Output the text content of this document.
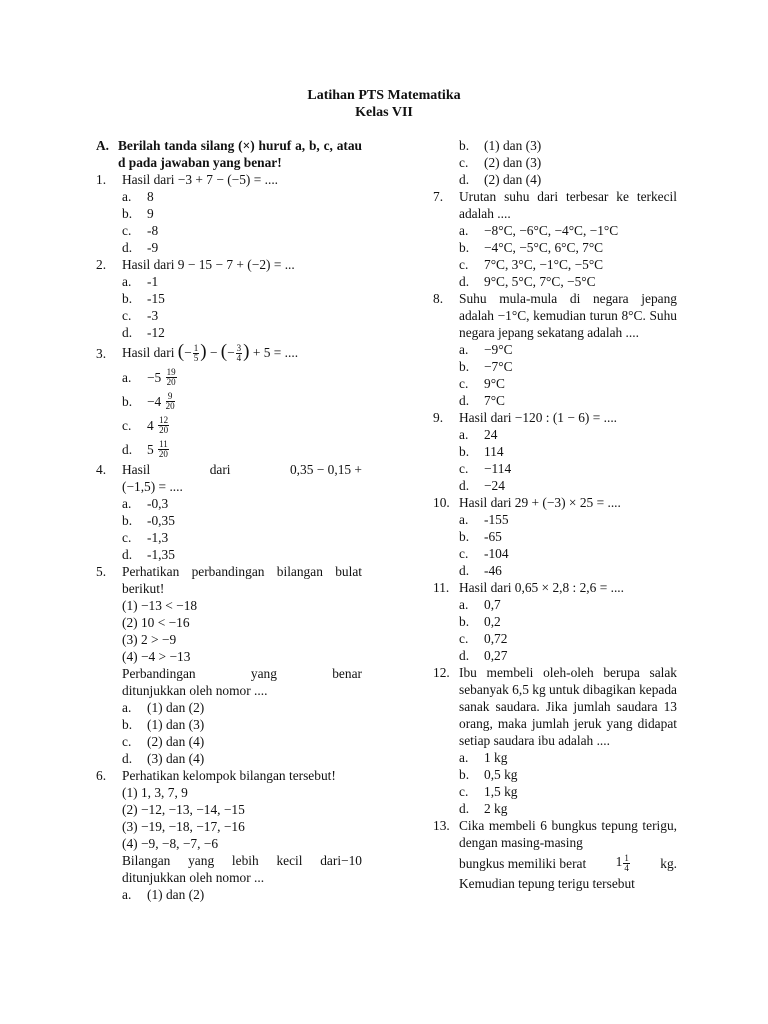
Latihan PTS Matematika
Kelas VII
A. Berilah tanda silang (×) huruf a, b, c, atau d pada jawaban yang benar!
1.	Hasil dari −3 + 7 − (−5) = ....
a.	8
b.	9
c.	-8
d.	-9
2.	Hasil dari 9 − 15 − 7 + (−2) = ...
a.	-1
b.	-15
c.	-3
d.	-12
3.	Hasil dari (− $\frac{1}{5}$ ) − (− $\frac{3}{4}$ ) + 5 = ....
a.	−5
$\frac{19}{20}$
b.	−4
$\frac{9}{20}$
c.	4
$\frac{12}{20}$
d.	5
$\frac{11}{20}$
4.	Hasil	dari	0,35 − 0,15 +
(−1,5) = ....
a.	-0,3
b.	-0,35
c.	-1,3
d.	-1,35
5.	Perhatikan perbandingan bilangan bulat berikut!
(1) −13 < −18
(2) 10 < −16
(3) 2 > −9
(4) −4 > −13
Perbandingan	yang	benar
ditunjukkan oleh nomor ....
a.	(1) dan (2)
b.	(1) dan (3)
c.	(2) dan (4)
d.	(3) dan (4)
6.	Perhatikan kelompok bilangan tersebut!
(1) 1, 3, 7, 9
(2) −12, −13, −14, −15
(3) −19, −18, −17, −16
(4) −9, −8, −7, −6
Bilangan yang lebih kecil dari−10 ditunjukkan oleh nomor ...
a.	(1) dan (2)
b.	(1) dan (3)
c.	(2) dan (3)
d.	(2) dan (4)
7.	Urutan suhu dari terbesar ke terkecil adalah ....
a.	−8°C, −6°C, −4°C, −1°C
b.	−4°C, −5°C, 6°C, 7°C
c.	7°C, 3°C, −1°C, −5°C
d.	9°C, 5°C, 7°C, −5°C
8.	Suhu mula-mula di negara jepang adalah −1°C, kemudian turun 8°C. Suhu negara jepang sekatang adalah ....
a.	−9°C
b.	−7°C
c.	9°C
d.	7°C
9.	Hasil dari −120 : (1 − 6) = ....
a.	24
b.	114
c.	−114
d.	−24
10. Hasil dari 29 + (−3) × 25 = ....
a.	-155
b.	-65
c.	-104
d.	-46
11. Hasil dari 0,65 × 2,8 : 2,6 = ....
a.	0,7
b.	0,2
c.	0,72
d.	0,27
12. Ibu membeli oleh-oleh berupa salak sebanyak 6,5 kg untuk dibagikan kepada sanak saudara. Jika jumlah saudara 13 orang, maka jumlah jeruk yang didapat setiap saudara ibu adalah ....
a.	1 kg
b.	0,5 kg
c.	1,5 kg
d.	2 kg
13. Cika membeli 6 bungkus tepung terigu, dengan masing-masing
bungkus memiliki berat $1 \frac{1}{4}$ kg.
Kemudian tepung terigu tersebut
